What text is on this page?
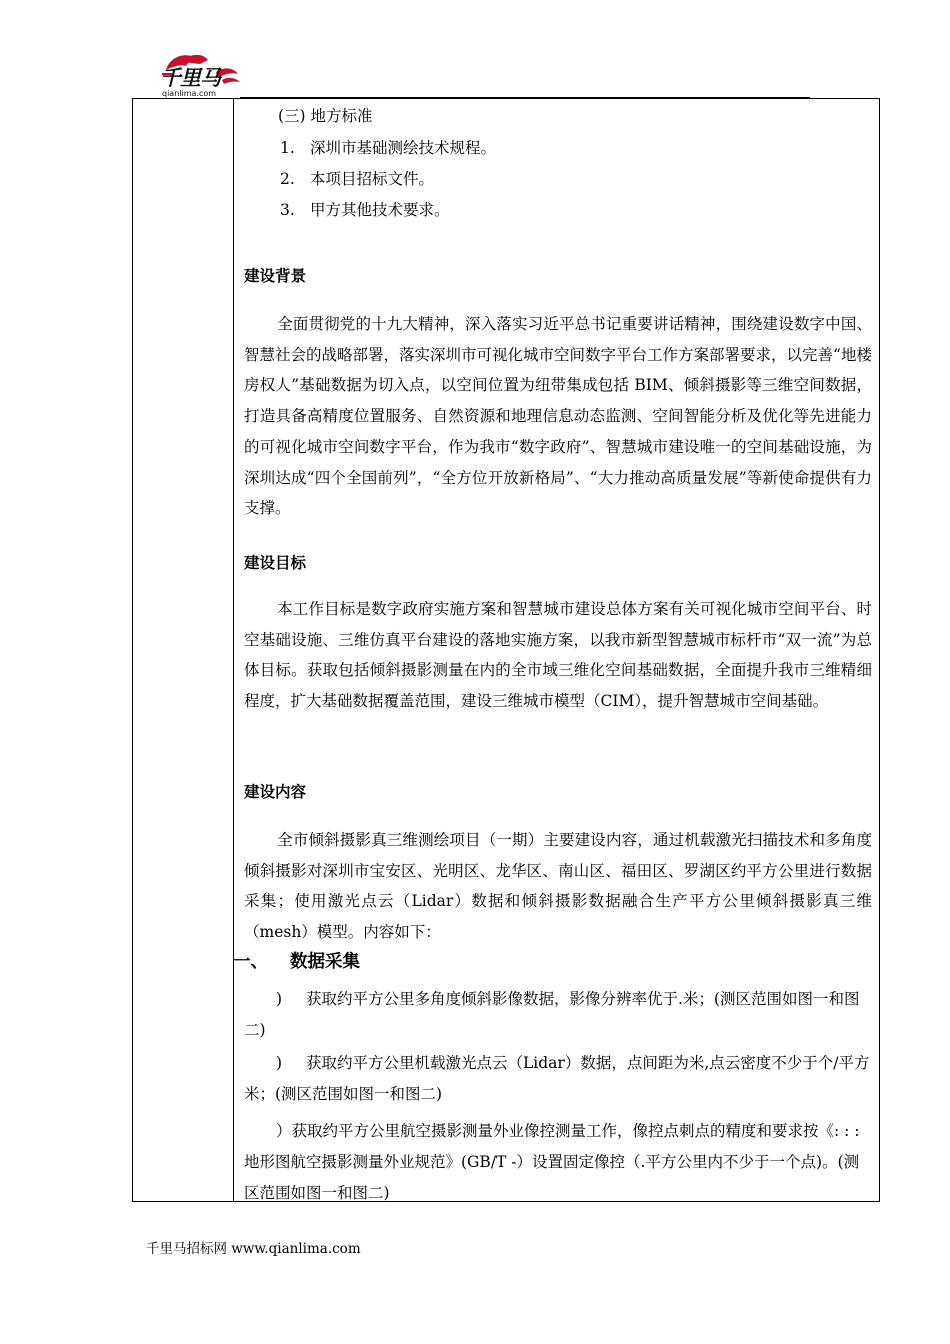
千里马
qianlima.com
(三) 地方标准
1. 深圳市基础测绘技术规程。
2. 本项目招标文件。
3. 甲方其他技术要求。
建设背景
全面贯彻党的十九大精神，深入落实习近平总书记重要讲话精神，围绕建设数字中国、智慧社会的战略部署，落实深圳市可视化城市空间数字平台工作方案部署要求，以完善“地楼房权人”基础数据为切入点，以空间位置为纽带集成包括 BIM、倾斜摄影等三维空间数据，打造具备高精度位置服务、自然资源和地理信息动态监测、空间智能分析及优化等先进能力的可视化城市空间数字平台，作为我市“数字政府”、智慧城市建设唯一的空间基础设施，为深圳达成“四个全国前列”，“全方位开放新格局”、“大力推动高质量发展”等新使命提供有力支撑。
建设目标
本工作目标是数字政府实施方案和智慧城市建设总体方案有关可视化城市空间平台、时空基础设施、三维仿真平台建设的落地实施方案，以我市新型智慧城市标杆市“双一流”为总体目标。获取包括倾斜摄影测量在内的全市域三维化空间基础数据，全面提升我市三维精细程度，扩大基础数据覆盖范围，建设三维城市模型（CIM），提升智慧城市空间基础。
建设内容
全市倾斜摄影真三维测绘项目（一期）主要建设内容，通过机载激光扫描技术和多角度倾斜摄影对深圳市宝安区、光明区、龙华区、南山区、福田区、罗湖区约平方公里进行数据采集；使用激光点云（Lidar）数据和倾斜摄影数据融合生产平方公里倾斜摄影真三维（mesh）模型。内容如下：
) 获取约平方公里多角度倾斜影像数据，影像分辨率优于.米；(测区范围如图一和图二)
) 获取约平方公里机载激光点云（Lidar）数据，点间距为米,点云密度不少于个/平方米；(测区范围如图一和图二)
）获取约平方公里航空摄影测量外业像控测量工作，像控点刺点的精度和要求按《: : :地形图航空摄影测量外业规范》(GB/T -）设置固定像控（.平方公里内不少于一个点)。(测区范围如图一和图二)
一、 数据采集
千里马招标网 www.qianlima.com
